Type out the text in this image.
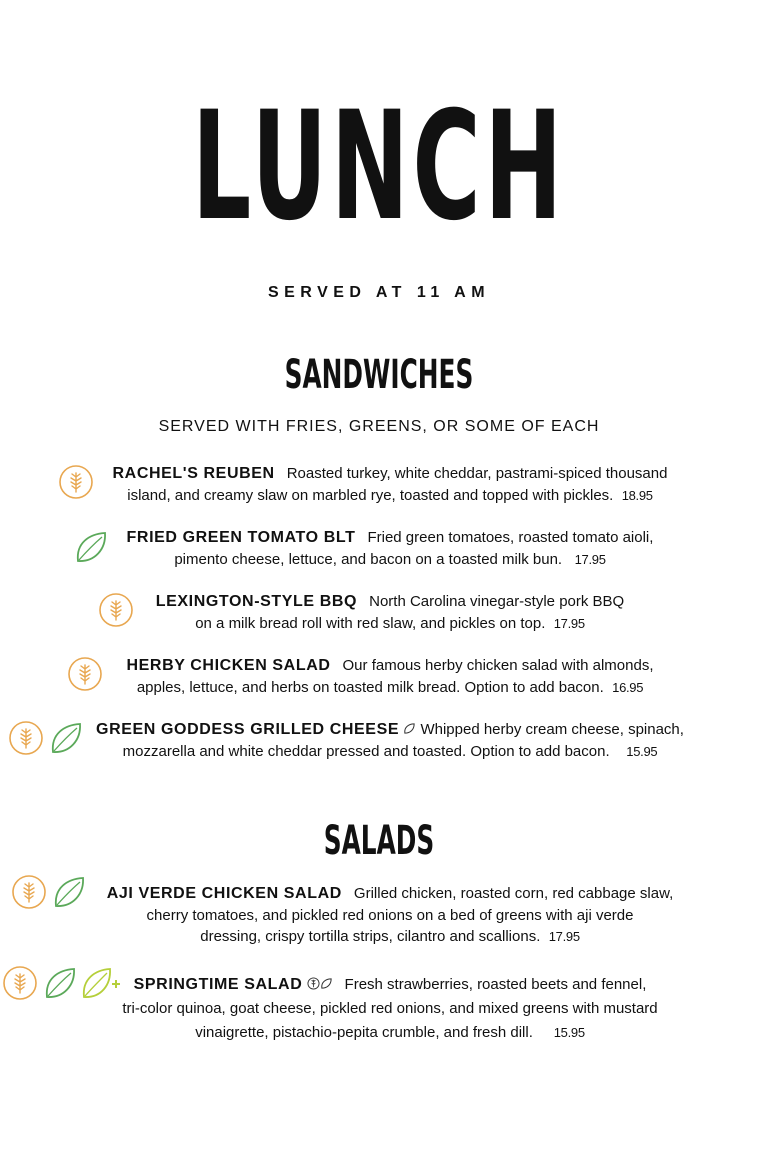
LUNCH
SERVED AT 11 AM
SANDWICHES
SERVED WITH FRIES, GREENS, OR SOME OF EACH
RACHEL'S REUBEN Roasted turkey, white cheddar, pastrami-spiced thousand
island, and creamy slaw on marbled rye, toasted and topped with pickles. 18.95
FRIED GREEN TOMATO BLT Fried green tomatoes, roasted tomato aioli,
pimento cheese, lettuce, and bacon on a toasted milk bun. 17.95
LEXINGTON-STYLE BBQ North Carolina vinegar-style pork BBQ
on a milk bread roll with red slaw, and pickles on top. 17.95
HERBY CHICKEN SALAD Our famous herby chicken salad with almonds,
apples, lettuce, and herbs on toasted milk bread. Option to add bacon. 16.95
GREEN GODDESS GRILLED CHEESE Whipped herby cream cheese, spinach,
mozzarella and white cheddar pressed and toasted. Option to add bacon. 15.95
SALADS
AJI VERDE CHICKEN SALAD Grilled chicken, roasted corn, red cabbage slaw,
cherry tomatoes, and pickled red onions on a bed of greens with aji verde
dressing, crispy tortilla strips, cilantro and scallions. 17.95
SPRINGTIME SALAD	Fresh strawberries, roasted beets and fennel,
tri-color quinoa, goat cheese, pickled red onions, and mixed greens with mustard
vinaigrette, pistachio-pepita crumble, and fresh dill. 15.95
